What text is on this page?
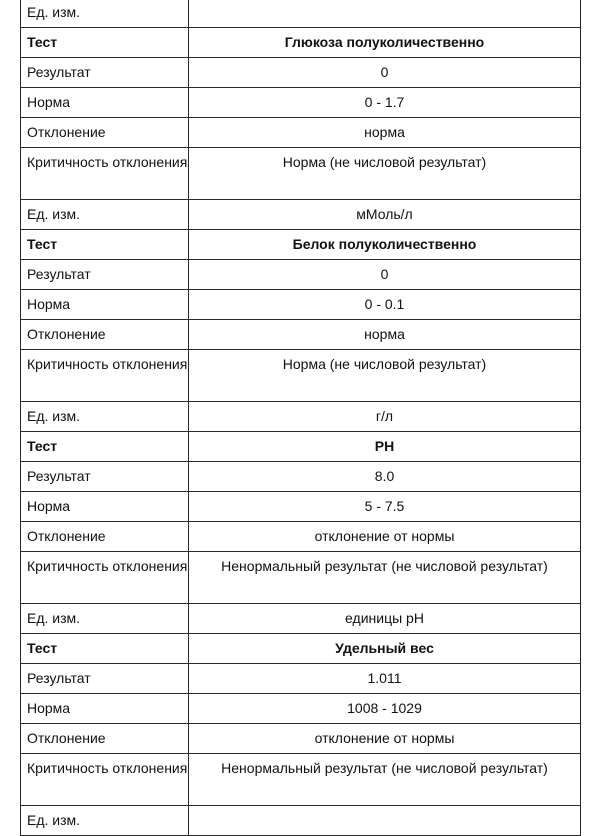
Ед. изм.	
Тест	Глюкоза полуколичественно
Результат	0
Норма	0 - 1.7
Отклонение	норма
Критичность отклонения	Норма (не числовой результат)
Ед. изм.	мМоль/л
Тест	Белок полуколичественно
Результат	0
Норма	0 - 0.1
Отклонение	норма
Критичность отклонения	Норма (не числовой результат)
Ед. изм.	г/л
Тест	PH
Результат	8.0
Норма	5 - 7.5
Отклонение	отклонение от нормы
Критичность отклонения	Ненормальный результат (не числовой результат)
Ед. изм.	единицы pH
Тест	Удельный вес
Результат	1.011
Норма	1008 - 1029
Отклонение	отклонение от нормы
Критичность отклонения	Ненормальный результат (не числовой результат)
Ед. изм.	
